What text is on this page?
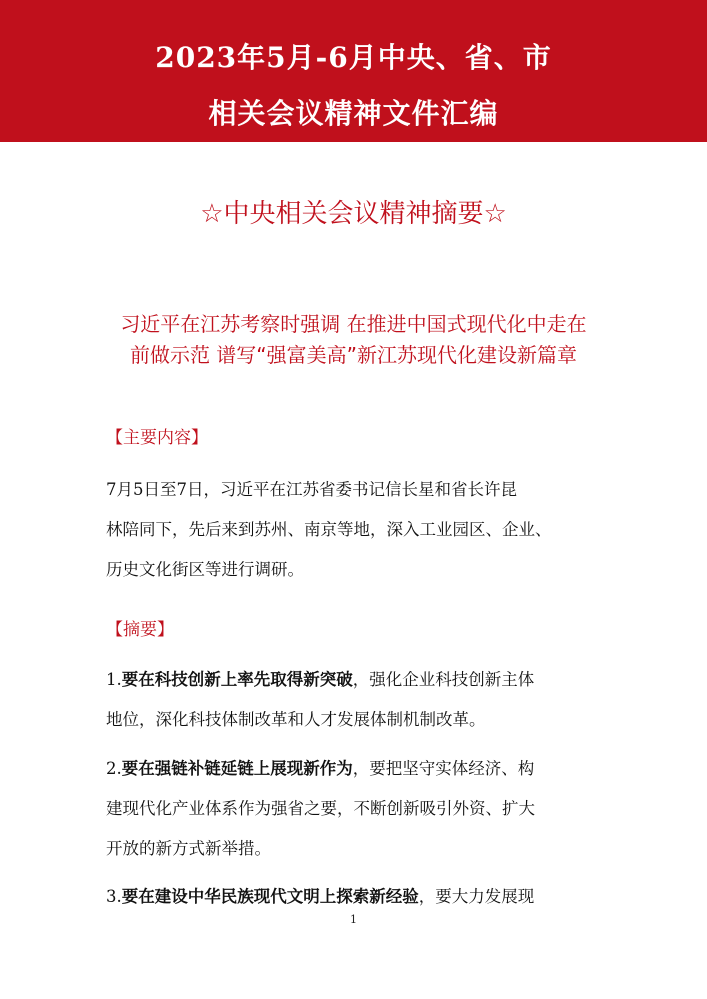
2023年5月-6月中央、省、市
相关会议精神文件汇编
☆中央相关会议精神摘要☆
习近平在江苏考察时强调 在推进中国式现代化中走在
前做示范 谱写“强富美高”新江苏现代化建设新篇章
【主要内容】
7月5日至7日，习近平在江苏省委书记信长星和省长许昆
林陪同下，先后来到苏州、南京等地，深入工业园区、企业、
历史文化街区等进行调研。
【摘要】
1.要在科技创新上率先取得新突破，强化企业科技创新主体
地位，深化科技体制改革和人才发展体制机制改革。
2.要在强链补链延链上展现新作为，要把坚守实体经济、构
建现代化产业体系作为强省之要，不断创新吸引外资、扩大
开放的新方式新举措。
3.要在建设中华民族现代文明上探索新经验，要大力发展现
1
